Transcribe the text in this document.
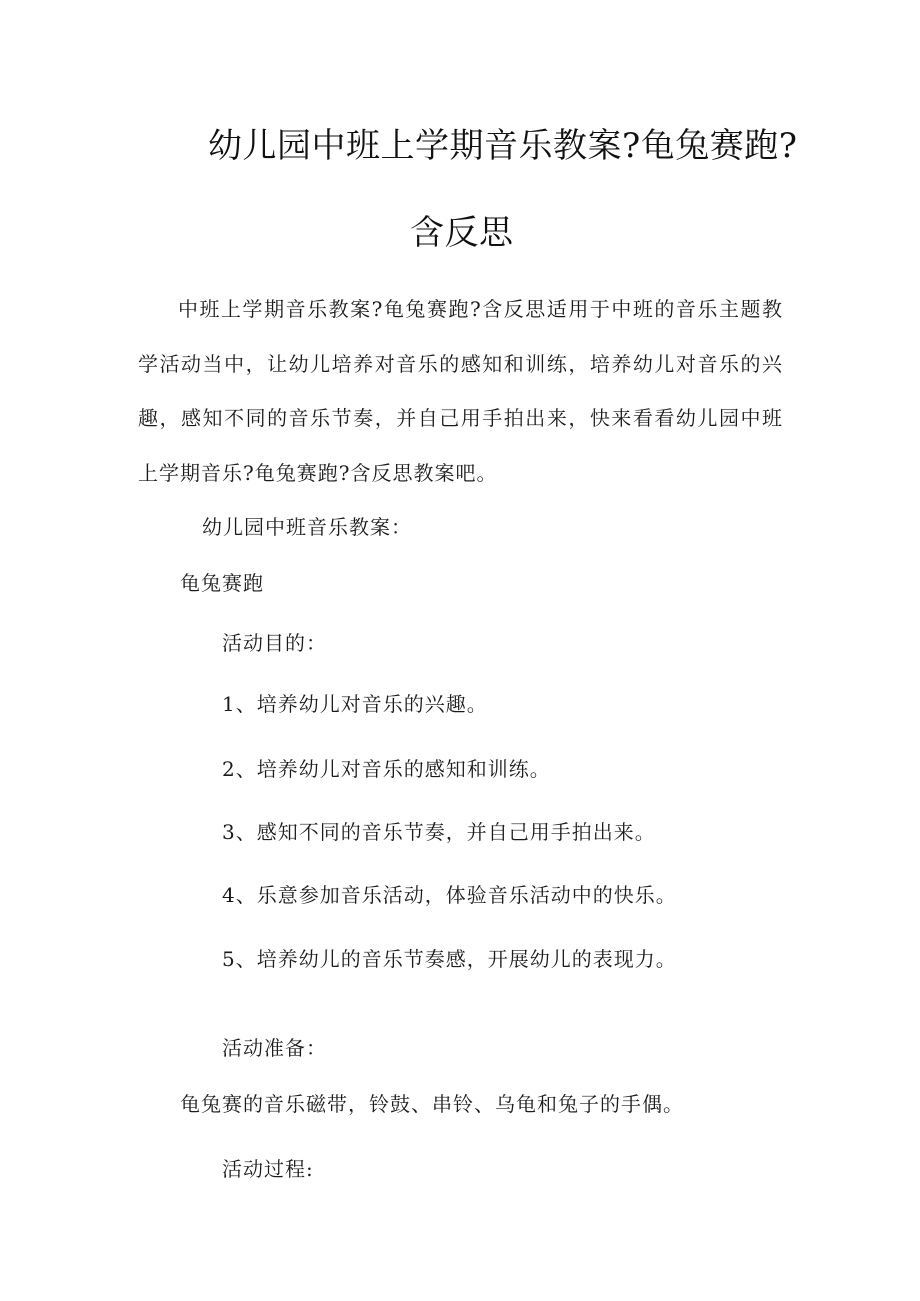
幼儿园中班上学期音乐教案?龟兔赛跑?
含反思
中班上学期音乐教案?龟兔赛跑?含反思适用于中班的音乐主题教学活动当中，让幼儿培养对音乐的感知和训练，培养幼儿对音乐的兴趣，感知不同的音乐节奏，并自己用手拍出来，快来看看幼儿园中班上学期音乐?龟兔赛跑?含反思教案吧。
幼儿园中班音乐教案：
龟兔赛跑
活动目的：
1、培养幼儿对音乐的兴趣。
2、培养幼儿对音乐的感知和训练。
3、感知不同的音乐节奏，并自己用手拍出来。
4、乐意参加音乐活动，体验音乐活动中的快乐。
5、培养幼儿的音乐节奏感，开展幼儿的表现力。
活动准备：
龟兔赛的音乐磁带，铃鼓、串铃、乌龟和兔子的手偶。
活动过程:
